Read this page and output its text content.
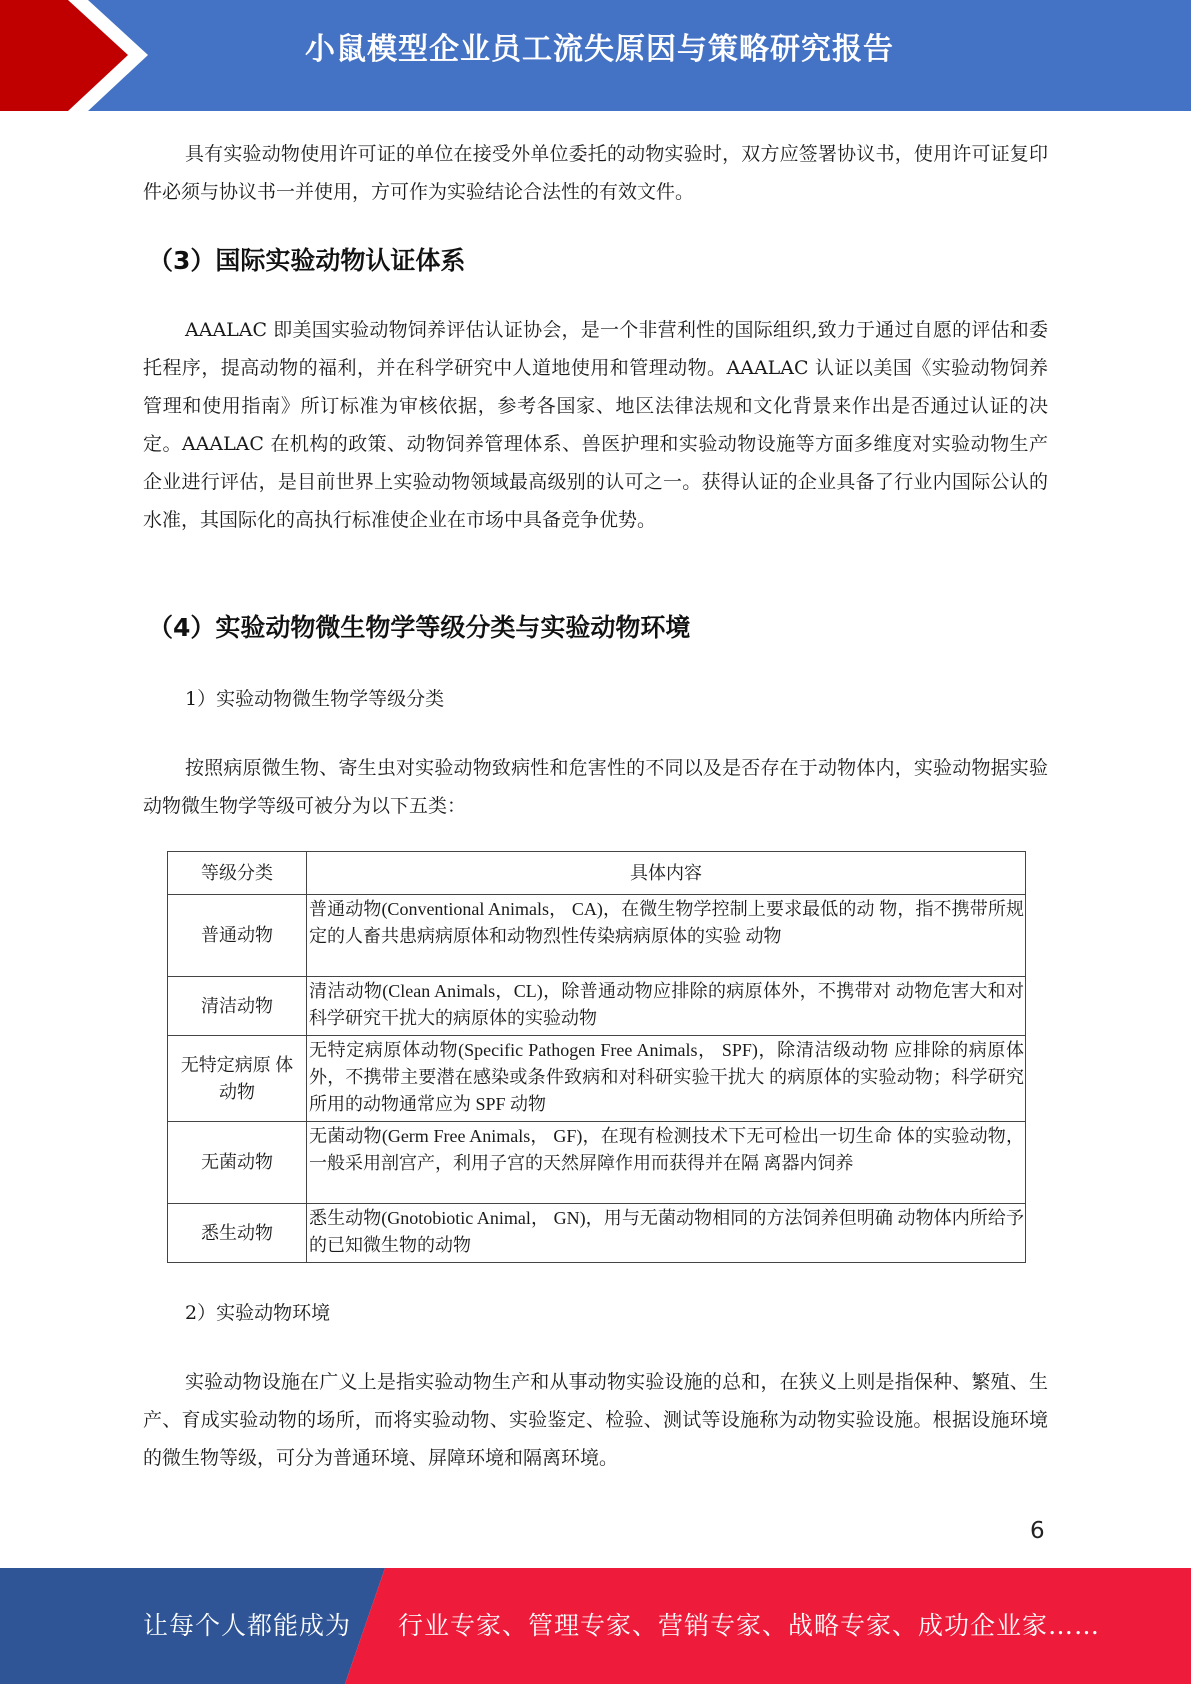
小鼠模型企业员工流失原因与策略研究报告

具有实验动物使用许可证的单位在接受外单位委托的动物实验时，双方应签署协议书，使用许可证复印件必须与协议书一并使用，方可作为实验结论合法性的有效文件。

（3）国际实验动物认证体系

AAALAC 即美国实验动物饲养评估认证协会，是一个非营利性的国际组织,致力于通过自愿的评估和委托程序，提高动物的福利，并在科学研究中人道地使用和管理动物。AAALAC 认证以美国《实验动物饲养管理和使用指南》所订标准为审核依据，参考各国家、地区法律法规和文化背景来作出是否通过认证的决定。AAALAC 在机构的政策、动物饲养管理体系、兽医护理和实验动物设施等方面多维度对实验动物生产企业进行评估，是目前世界上实验动物领域最高级别的认可之一。获得认证的企业具备了行业内国际公认的水准，其国际化的高执行标准使企业在市场中具备竞争优势。

（4）实验动物微生物学等级分类与实验动物环境
1）实验动物微生物学等级分类

按照病原微生物、寄生虫对实验动物致病性和危害性的不同以及是否存在于动物体内，实验动物据实验动物微生物学等级可被分为以下五类：

等级分类	具体内容
普通动物	普通动物(Conventional Animals， CA)，在微生物学控制上要求最低的动 物，指不携带所规定的人畜共患病病原体和动物烈性传染病病原体的实验 动物
清洁动物	清洁动物(Clean Animals，CL)，除普通动物应排除的病原体外，不携带对 动物危害大和对科学研究干扰大的病原体的实验动物
无特定病原 体动物	无特定病原体动物(Specific Pathogen Free Animals， SPF)，除清洁级动物 应排除的病原体外，不携带主要潜在感染或条件致病和对科研实验干扰大 的病原体的实验动物；科学研究所用的动物通常应为 SPF 动物
无菌动物	无菌动物(Germ Free Animals， GF)，在现有检测技术下无可检出一切生命 体的实验动物，一般采用剖宫产，利用子宫的天然屏障作用而获得并在隔 离器内饲养
悉生动物	悉生动物(Gnotobiotic Animal， GN)，用与无菌动物相同的方法饲养但明确 动物体内所给予的已知微生物的动物
2）实验动物环境

实验动物设施在广义上是指实验动物生产和从事动物实验设施的总和，在狭义上则是指保种、繁殖、生产、育成实验动物的场所，而将实验动物、实验鉴定、检验、测试等设施称为动物实验设施。根据设施环境的微生物等级，可分为普通环境、屏障环境和隔离环境。

6
让每个人都能成为 行业专家、管理专家、营销专家、战略专家、成功企业家……
